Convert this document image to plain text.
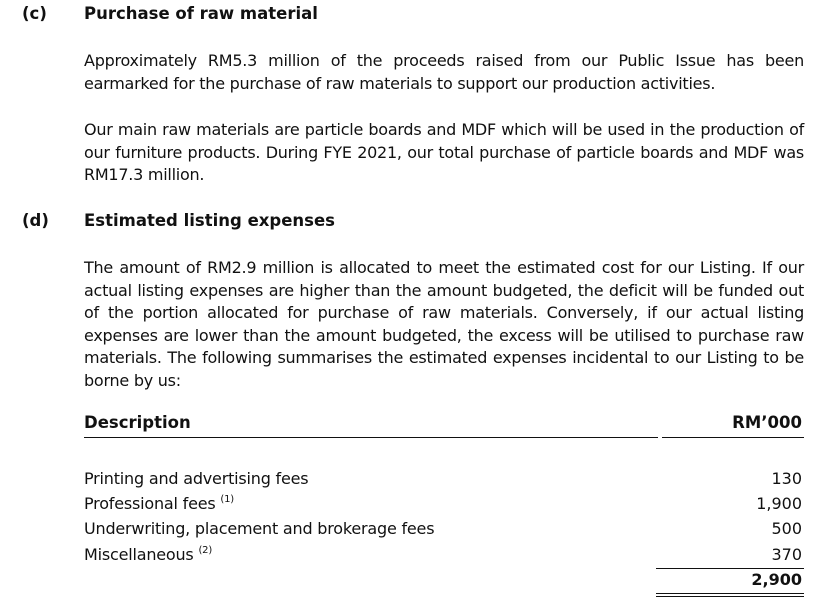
(c) Purchase of raw material
Approximately RM5.3 million of the proceeds raised from our Public Issue has been earmarked for the purchase of raw materials to support our production activities.
Our main raw materials are particle boards and MDF which will be used in the production of our furniture products. During FYE 2021, our total purchase of particle boards and MDF was RM17.3 million.
(d) Estimated listing expenses
The amount of RM2.9 million is allocated to meet the estimated cost for our Listing. If our actual listing expenses are higher than the amount budgeted, the deficit will be funded out of the portion allocated for purchase of raw materials. Conversely, if our actual listing expenses are lower than the amount budgeted, the excess will be utilised to purchase raw materials. The following summarises the estimated expenses incidental to our Listing to be borne by us:
Description	RM’000
Printing and advertising fees	130
Professional fees $^{(1)}$	1,900
Underwriting, placement and brokerage fees	500
Miscellaneous $^{(2)}$	370
2,900
